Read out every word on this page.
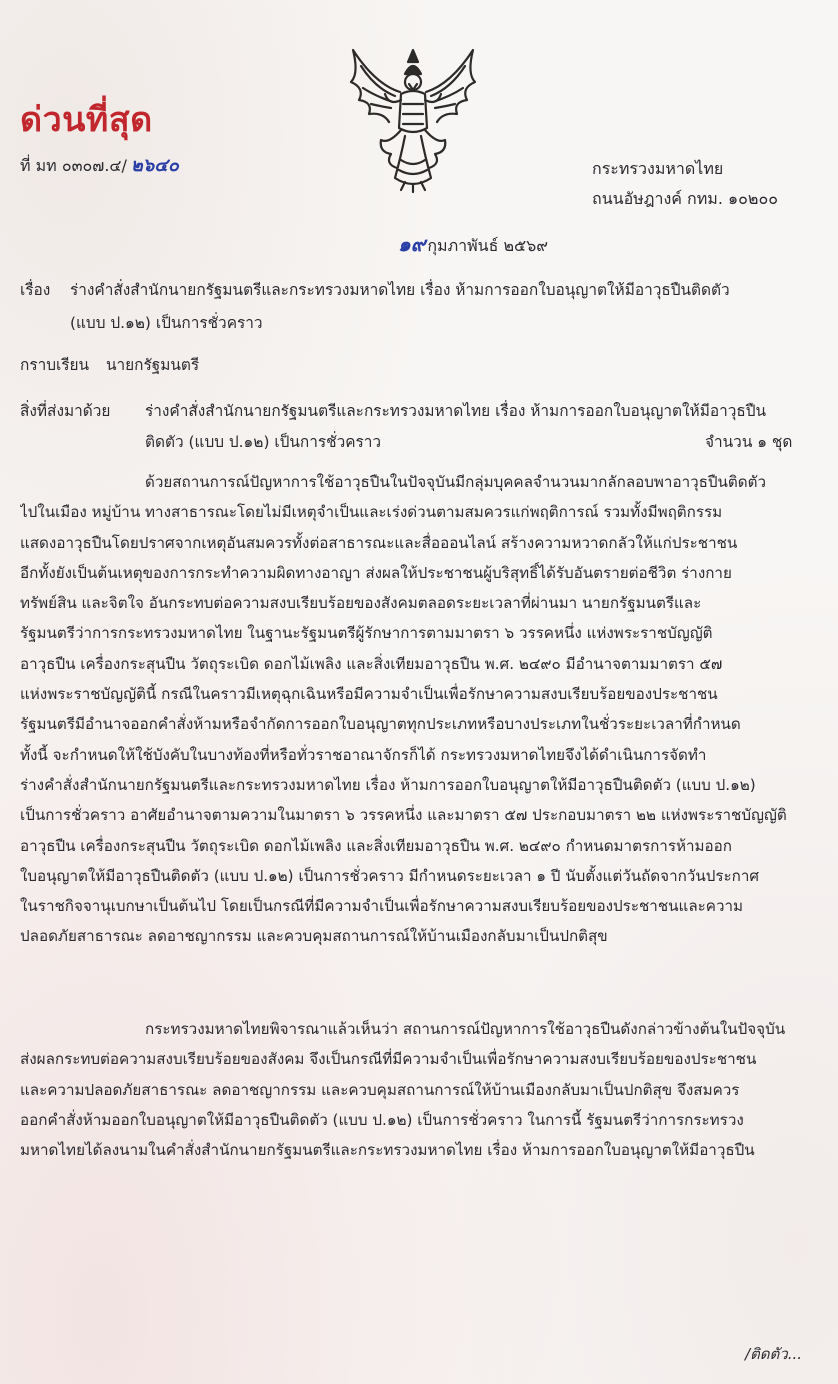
ด่วนที่สุด
ที่ มท ๐๓๐๗.๔/ ๒๖๔๐	กระทรวงมหาดไทย
ถนนอัษฎางค์ กทม. ๑๐๒๐๐
๑๙ กุมภาพันธ์ ๒๕๖๙
เรื่อง ร่างคำสั่งสำนักนายกรัฐมนตรีและกระทรวงมหาดไทย เรื่อง ห้ามการออกใบอนุญาตให้มีอาวุธปืนติดตัว
(แบบ ป.๑๒) เป็นการชั่วคราว
กราบเรียน นายกรัฐมนตรี
สิ่งที่ส่งมาด้วย ร่างคำสั่งสำนักนายกรัฐมนตรีและกระทรวงมหาดไทย เรื่อง ห้ามการออกใบอนุญาตให้มีอาวุธปืน
ติดตัว (แบบ ป.๑๒) เป็นการชั่วคราว	จำนวน ๑ ชุด
ด้วยสถานการณ์ปัญหาการใช้อาวุธปืนในปัจจุบันมีกลุ่มบุคคลจำนวนมากลักลอบพาอาวุธปืนติดตัว
ไปในเมือง หมู่บ้าน ทางสาธารณะโดยไม่มีเหตุจำเป็นและเร่งด่วนตามสมควรแก่พฤติการณ์ รวมทั้งมีพฤติกรรม
แสดงอาวุธปืนโดยปราศจากเหตุอันสมควรทั้งต่อสาธารณะและสื่อออนไลน์ สร้างความหวาดกลัวให้แก่ประชาชน
อีกทั้งยังเป็นต้นเหตุของการกระทำความผิดทางอาญา ส่งผลให้ประชาชนผู้บริสุทธิ์ได้รับอันตรายต่อชีวิต ร่างกาย
ทรัพย์สิน และจิตใจ อันกระทบต่อความสงบเรียบร้อยของสังคมตลอดระยะเวลาที่ผ่านมา นายกรัฐมนตรีและ
รัฐมนตรีว่าการกระทรวงมหาดไทย ในฐานะรัฐมนตรีผู้รักษาการตามมาตรา ๖ วรรคหนึ่ง แห่งพระราชบัญญัติ
อาวุธปืน เครื่องกระสุนปืน วัตถุระเบิด ดอกไม้เพลิง และสิ่งเทียมอาวุธปืน พ.ศ. ๒๔๙๐ มีอำนาจตามมาตรา ๕๗
แห่งพระราชบัญญัตินี้ กรณีในคราวมีเหตุฉุกเฉินหรือมีความจำเป็นเพื่อรักษาความสงบเรียบร้อยของประชาชน
รัฐมนตรีมีอำนาจออกคำสั่งห้ามหรือจำกัดการออกใบอนุญาตทุกประเภทหรือบางประเภทในชั่วระยะเวลาที่กำหนด
ทั้งนี้ จะกำหนดให้ใช้บังคับในบางท้องที่หรือทั่วราชอาณาจักรก็ได้ กระทรวงมหาดไทยจึงได้ดำเนินการจัดทำ
ร่างคำสั่งสำนักนายกรัฐมนตรีและกระทรวงมหาดไทย เรื่อง ห้ามการออกใบอนุญาตให้มีอาวุธปืนติดตัว (แบบ ป.๑๒)
เป็นการชั่วคราว อาศัยอำนาจตามความในมาตรา ๖ วรรคหนึ่ง และมาตรา ๕๗ ประกอบมาตรา ๒๒ แห่งพระราชบัญญัติ
อาวุธปืน เครื่องกระสุนปืน วัตถุระเบิด ดอกไม้เพลิง และสิ่งเทียมอาวุธปืน พ.ศ. ๒๔๙๐ กำหนดมาตรการห้ามออก
ใบอนุญาตให้มีอาวุธปืนติดตัว (แบบ ป.๑๒) เป็นการชั่วคราว มีกำหนดระยะเวลา ๑ ปี นับตั้งแต่วันถัดจากวันประกาศ
ในราชกิจจานุเบกษาเป็นต้นไป โดยเป็นกรณีที่มีความจำเป็นเพื่อรักษาความสงบเรียบร้อยของประชาชนและความ
ปลอดภัยสาธารณะ ลดอาชญากรรม และควบคุมสถานการณ์ให้บ้านเมืองกลับมาเป็นปกติสุข
กระทรวงมหาดไทยพิจารณาแล้วเห็นว่า สถานการณ์ปัญหาการใช้อาวุธปืนดังกล่าวข้างต้นในปัจจุบัน
ส่งผลกระทบต่อความสงบเรียบร้อยของสังคม จึงเป็นกรณีที่มีความจำเป็นเพื่อรักษาความสงบเรียบร้อยของประชาชน
และความปลอดภัยสาธารณะ ลดอาชญากรรม และควบคุมสถานการณ์ให้บ้านเมืองกลับมาเป็นปกติสุข จึงสมควร
ออกคำสั่งห้ามออกใบอนุญาตให้มีอาวุธปืนติดตัว (แบบ ป.๑๒) เป็นการชั่วคราว ในการนี้ รัฐมนตรีว่าการกระทรวง
มหาดไทยได้ลงนามในคำสั่งสำนักนายกรัฐมนตรีและกระทรวงมหาดไทย เรื่อง ห้ามการออกใบอนุญาตให้มีอาวุธปืน
/ติดตัว...
